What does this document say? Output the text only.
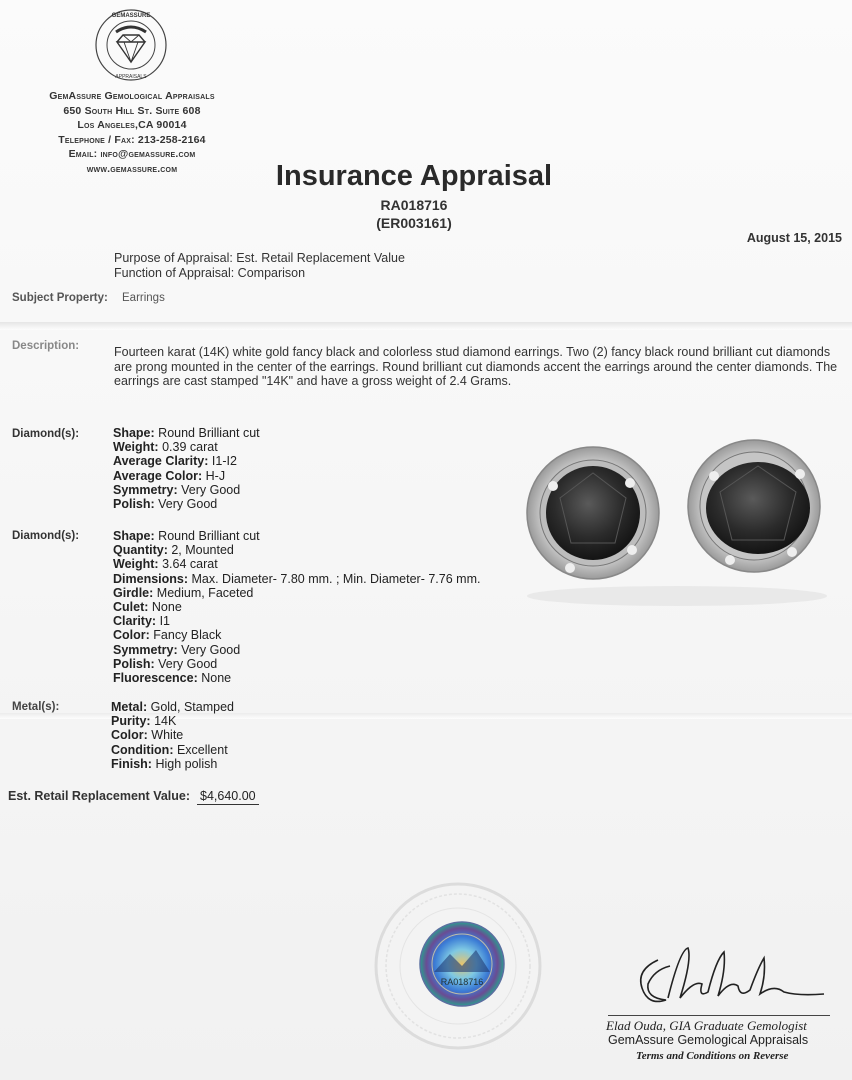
GEMASSURE
APPRAISALS
GemAssure Gemological Appraisals
650 South Hill St. Suite 608
Los Angeles,CA 90014
Telephone / Fax: 213-258-2164
Email: info@gemassure.com
www.gemassure.com	Insurance Appraisal
RA018716
(ER003161)
August 15, 2015
Purpose of Appraisal: Est. Retail Replacement Value
Function of Appraisal: Comparison
Subject Property: Earrings
Description:	Fourteen karat (14K) white gold fancy black and colorless stud diamond earrings. Two (2) fancy black round brilliant cut diamonds are prong mounted in the center of the earrings. Round brilliant cut diamonds accent the earrings around the center diamonds. The earrings are cast stamped "14K" and have a gross weight of 2.4 Grams.
Diamond(s):	Shape: Round Brilliant cut
Weight: 0.39 carat
Average Clarity: I1-I2
Average Color: H-J
Symmetry: Very Good
Polish: Very Good
Diamond(s):	Shape: Round Brilliant cut
Quantity: 2, Mounted
Weight: 3.64 carat
Dimensions: Max. Diameter- 7.80 mm. ; Min. Diameter- 7.76 mm.
Girdle: Medium, Faceted
Culet: None
Clarity: I1
Color: Fancy Black
Symmetry: Very Good
Polish: Very Good
Fluorescence: None
Metal(s):	Metal: Gold, Stamped
Purity: 14K
Color: White
Condition: Excellent
Finish: High polish
Est. Retail Replacement Value: $4,640.00
RA018716
Elad Ouda, GIA Graduate Gemologist
GemAssure Gemological Appraisals
Terms and Conditions on Reverse
